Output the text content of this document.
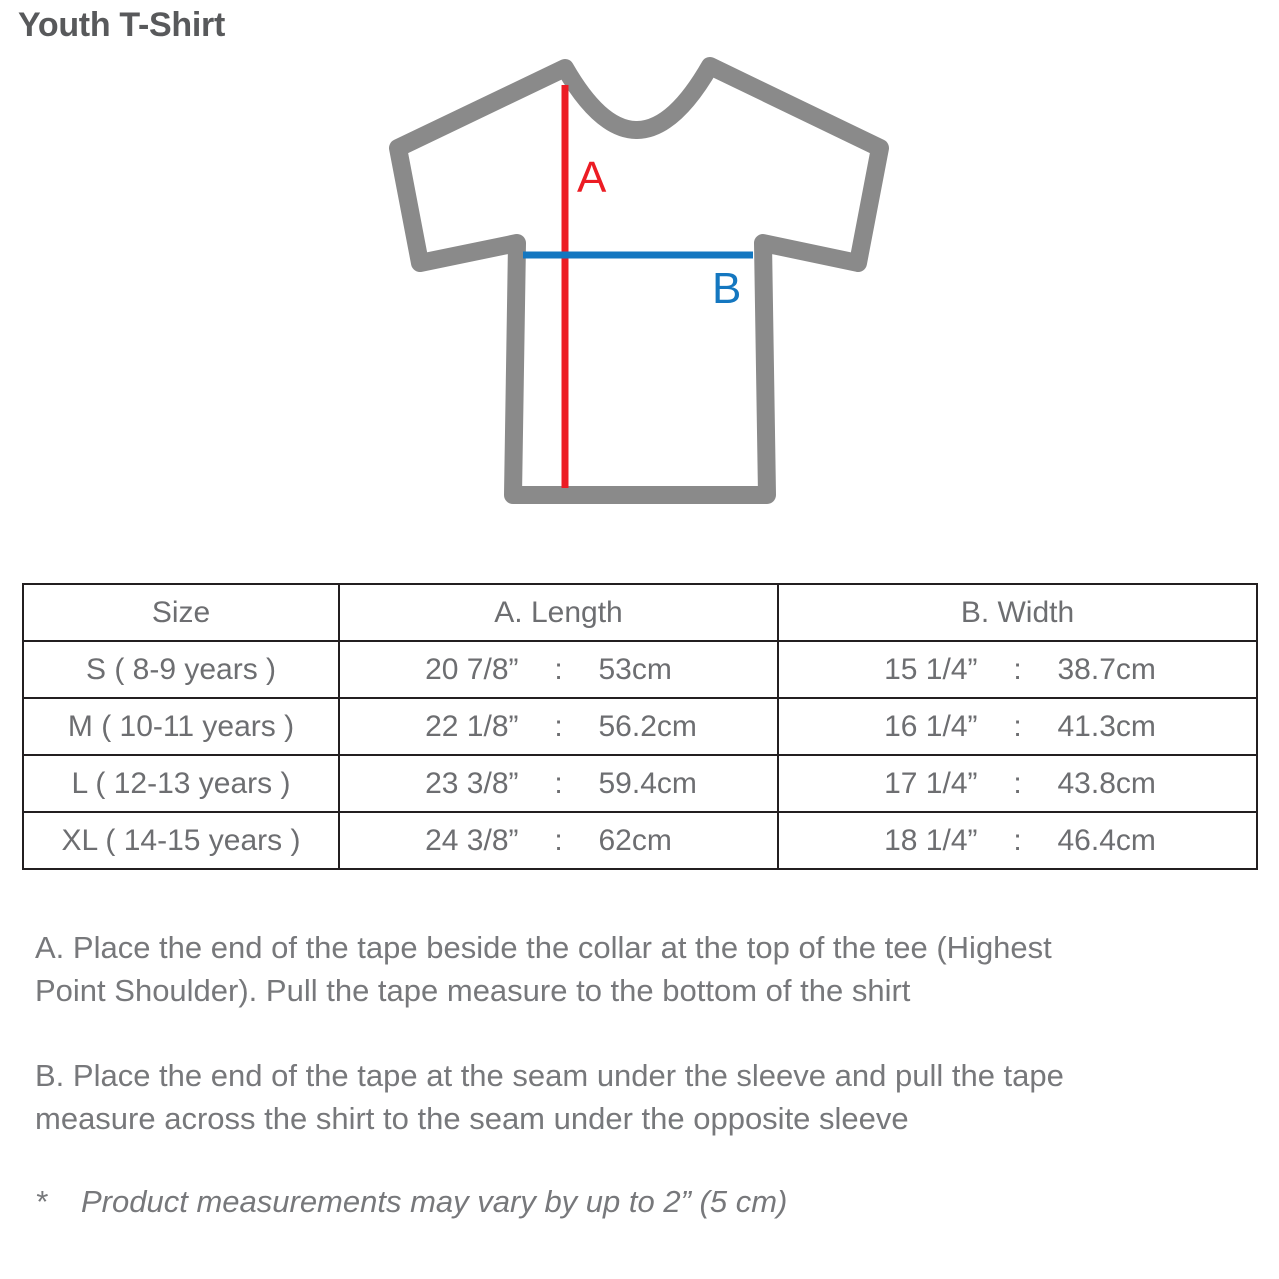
Youth T-Shirt
A
B
Size	A. Length	B. Width
S ( 8-9 years )	20 7/8” : 53cm	15 1/4” : 38.7cm

M ( 10-11 years )	22 1/8” : 56.2cm	16 1/4” : 41.3cm

L ( 12-13 years )	23 3/8” : 59.4cm	17 1/4” : 43.8cm

XL ( 14-15 years )	24 3/8” : 62cm	18 1/4” : 46.4cm

A. Place the end of the tape beside the collar at the top of the tee (Highest
Point Shoulder). Pull the tape measure to the bottom of the shirt

B. Place the end of the tape at the seam under the sleeve and pull the tape
measure across the shirt to the seam under the opposite sleeve

* Product measurements may vary by up to 2” (5 cm)
